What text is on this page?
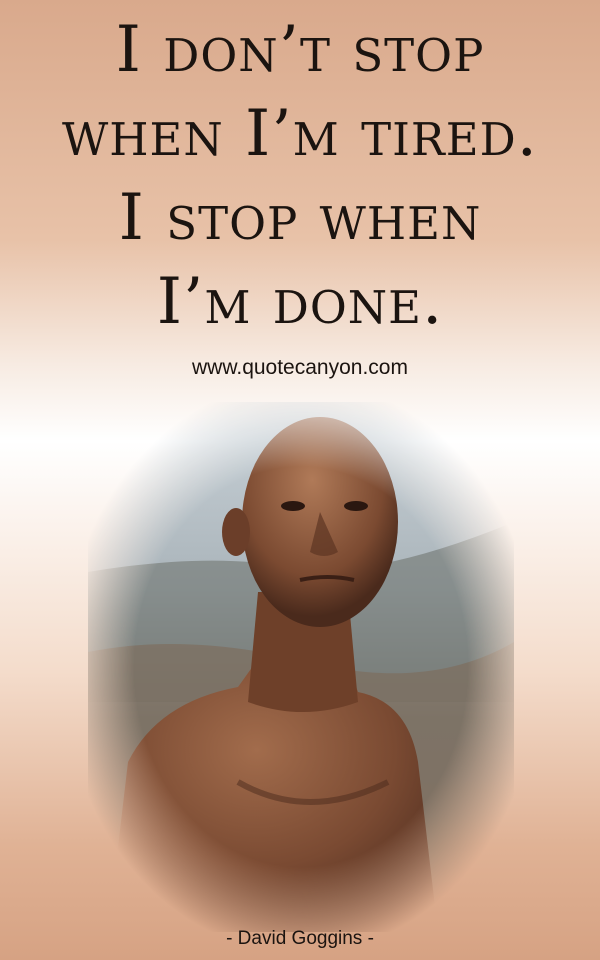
I don’t stop
when I’m tired.
I stop when
I’m done.
www.quotecanyon.com
- David Goggins -
